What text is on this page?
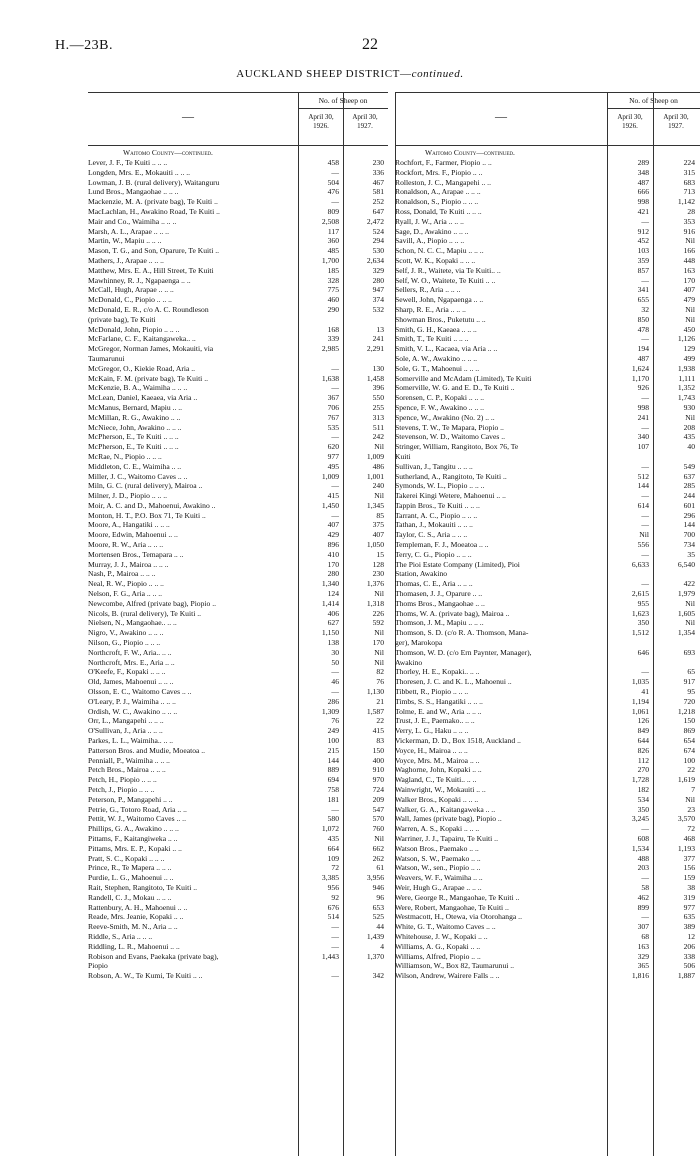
H.—23B.	22
AUCKLAND SHEEP DISTRICT—continued.
—
No. of Sheep on
April 30,
1926.
April 30,
1927.
Waitomo County—continued.
Lever, J. F., Te Kuiti .. .. ..	458	230
Longden, Mrs. E., Mokauiti .. .. ..	—	336
Lowman, J. B. (rural delivery), Waitanguru	504	467
Lund Bros., Mangaohae .. .. ..	476	581
Mackenzie, M. A. (private bag), Te Kuiti ..	—	252
MacLachlan, H., Awakino Road, Te Kuiti ..	809	647
Mair and Co., Waimiha .. .. ..	2,508	2,472
Marsh, A. L., Arapae .. .. ..	117	524
Martin, W., Mapiu .. .. ..	360	294
Mason, T. G., and Son, Oparure, Te Kuiti ..	485	530
Mathers, J., Arapae .. .. ..	1,700	2,634
Matthew, Mrs. E. A., Hill Street, Te Kuiti	185	329
Mawhinney, R. J., Ngapaenga .. ..	328	280
McCall, Hugh, Arapae .. .. ..	775	947
McDonald, C., Piopio .. .. ..	460	374
McDonald, E. R., c/o A. C. Roundleson	290	532
(private bag), Te Kuiti
McDonald, John, Piopio .. .. ..	168	13
McFarlane, C. F., Kaitangaweka.. ..	339	241
McGregor, Norman James, Mokauiti, via	2,985	2,291
Taumarunui
McGregor, O., Kiekie Road, Aria ..	—	130
McKain, F. M. (private bag), Te Kuiti ..	1,638	1,458
McKenzie, B. A., Waimiha .. .. ..	—	396
McLean, Daniel, Kaeaea, via Aria ..	367	550
McManus, Bernard, Mapiu .. ..	706	255
McMillan, R. G., Awakino .. ..	767	313
McNiece, John, Awakino .. .. ..	535	511
McPherson, E., Te Kuiti .. .. ..	—	242
McPherson, E., Te Kuiti .. .. ..	620	Nil
McRae, N., Piopio .. .. ..	977	1,009
Middleton, C. E., Waimiha .. ..	495	486
Miller, J. C., Waitomo Caves .. ..	1,009	1,001
Miln, G. C. (rural delivery), Mairoa ..	—	240
Milner, J. D., Piopio .. .. ..	415	Nil
Moir, A. C. and D., Mahoenui, Awakino ..	1,450	1,345
Monton, H. T., P.O. Box 71, Te Kuiti ..	—	85
Moore, A., Hangatiki .. .. ..	407	375
Moore, Edwin, Mahoenui .. ..	429	407
Moore, R. W., Aria .. .. ..	896	1,050
Mortensen Bros., Temapara .. ..	410	15
Murray, J. J., Mairoa .. .. ..	170	128
Nash, P., Mairoa .. .. ..	280	230
Neal, R. W., Piopio .. .. ..	1,340	1,376
Nelson, F. G., Aria .. .. ..	124	Nil
Newcombe, Alfred (private bag), Piopio ..	1,414	1,318
Nicols, B. (rural delivery), Te Kuiti ..	406	226
Nielsen, N., Mangaohae.. .. ..	627	592
Nigro, V., Awakino .. .. ..	1,150	Nil
Nilson, G., Piopio .. .. ..	138	170
Northcroft, F. W., Aria.. .. ..	30	Nil
Northcroft, Mrs. E., Aria .. ..	50	Nil
O'Keefe, F., Kopaki .. .. ..	—	82
Old, James, Mahoenui .. .. ..	46	76
Olsson, E. C., Waitomo Caves .. ..	—	1,130
O'Leary, P. J., Waimiha .. .. ..	286	21
Ordish, W. C., Awakino .. .. ..	1,309	1,587
Orr, L., Mangapehi .. .. ..	76	22
O'Sullivan, J., Aria .. .. ..	249	415
Parkes, L. L., Waimiha.. .. ..	100	83
Patterson Bros. and Mudie, Moeatoa ..	215	150
Penniall, P., Waimiha .. .. ..	144	400
Petch Bros., Mairoa .. .. ..	889	910
Petch, H., Piopio .. .. ..	694	970
Petch, J., Piopio .. .. ..	758	724
Peterson, P., Mangapehi .. ..	181	209
Petrie, G., Totoro Road, Aria .. ..	—	547
Pettit, W. J., Waitomo Caves .. ..	580	570
Phillips, G. A., Awakino .. .. ..	1,072	760
Pittams, F., Kaitangiweka .. ..	435	Nil
Pittams, Mrs. E. P., Kopaki .. ..	664	662
Pratt, S. C., Kopaki .. .. ..	109	262
Prince, R., Te Mapera .. .. ..	72	61
Purdie, L. G., Mahoenui .. ..	3,385	3,956
Rait, Stephen, Rangitoto, Te Kuiti ..	956	946
Randell, C. J., Mokau .. .. ..	92	96
Rattenbury, A. H., Mahoenui .. ..	676	653
Reade, Mrs. Jeanie, Kopaki .. ..	514	525
Reeve-Smith, M. N., Aria .. ..	—	44
Riddle, S., Aria .. .. ..	—	1,439
Riddling, L. R., Mahoenui .. ..	—	4
Robison and Evans, Paekaka (private bag),	1,443	1,370
Piopio
Robson, A. W., Te Kumi, Te Kuiti .. ..	—	342
—
No. of Sheep on
April 30,
1926.
April 30,
1927.
Waitomo County—continued.
Rochfort, F., Farmer, Piopio .. ..	289	224
Rockfort, Mrs. F., Piopio .. ..	348	315
Rolleston, J. C., Mangapehi .. ..	487	683
Ronaldson, A., Arapae .. .. ..	666	713
Ronaldson, S., Piopio .. .. ..	998	1,142
Ross, Donald, Te Kuiti .. .. ..	421	28
Ryall, J. W., Aria .. .. ..	—	353
Sage, D., Awakino .. .. ..	912	916
Savill, A., Piopio .. .. ..	452	Nil
Schon, N. C. C., Mapiu .. .. ..	103	166
Scott, W. K., Kopaki .. .. ..	359	448
Self, J. R., Waitete, via Te Kuiti.. ..	857	163
Self, W. O., Waitete, Te Kuiti .. ..	—	170
Sellers, R., Aria .. .. ..	341	407
Sewell, John, Ngapaenga .. ..	655	479
Sharp, R. E., Aria .. .. ..	32	Nil
Showman Bros., Puketutu .. ..	850	Nil
Smith, G. H., Kaeaea .. .. ..	478	450
Smith, T., Te Kuiti .. .. ..	—	1,126
Smith, V. L., Kacaea, via Aria .. ..	194	129
Sole, A. W., Awakino .. .. ..	487	499
Sole, G. T., Mahoenui .. .. ..	1,624	1,938
Somerville and McAdam (Limited), Te Kuiti	1,170	1,111
Somerville, W. G. and E. D., Te Kuiti ..	926	1,352
Sorensen, C. P., Kopaki .. .. ..	—	1,743
Spence, F. W., Awakino .. .. ..	998	930
Spence, W., Awakino (No. 2) .. ..	241	Nil
Stevens, T. W., Te Mapara, Piopio ..	—	208
Stevenson, W. D., Waitomo Caves ..	340	435
Stringer, William, Rangitoto, Box 76, Te	107	40
Kuiti
Sullivan, J., Tangitu .. .. ..	—	549
Sutherland, A., Rangitoto, Te Kuiti ..	512	637
Symonds, W. L., Piopio .. .. ..	144	285
Takerei Kingi Wetere, Mahoenui .. ..	—	244
Tappin Bros., Te Kuiti .. .. ..	614	601
Tarrant, A. C., Piopio .. .. ..	—	296
Tathan, J., Mokauiti .. .. ..	—	144
Taylor, C. S., Aria .. .. ..	Nil	700
Templeman, F. J., Moeatoa .. ..	556	734
Terry, C. G., Piopio .. .. ..	—	35
The Pioi Estate Company (Limited), Pioi	6,633	6,540
Station, Awakino
Thomas, C. E., Aria .. .. ..	—	422
Thomasen, J. J., Oparure .. ..	2,615	1,979
Thoms Bros., Mangaohae .. ..	955	Nil
Thoms, W. A. (private bag), Mairoa ..	1,623	1,605
Thomson, J. M., Mapiu .. .. ..	350	Nil
Thomson, S. D. (c/o R. A. Thomson, Mana-	1,512	1,354
ger), Marokopa
Thomson, W. D. (c/o Ern Paynter, Manager),	646	693
Awakino
Thorley, H. E., Kopaki.. .. ..	—	65
Thoresen, J. C. and K. L., Mahoenui ..	1,035	917
Tibbett, R., Piopio .. .. ..	41	95
Timbs, S. S., Hangatiki .. .. ..	1,194	720
Tolme, E. and W., Aria .. .. ..	1,061	1,218
Trust, J. E., Paemako.. .. ..	126	150
Verry, L. G., Haku .. .. ..	849	869
Vickerman, D. D., Box 1518, Auckland ..	644	654
Voyce, H., Mairoa .. .. ..	826	674
Voyce, Mrs. M., Mairoa .. ..	112	100
Waghorne, John, Kopaki .. ..	270	22
Wagland, C., Te Kuiti.. .. ..	1,728	1,619
Wainwright, W., Mokauiti .. ..	182	7
Walker Bros., Kopaki .. .. ..	534	Nil
Walker, G. A., Kaitangaweka .. ..	350	23
Wall, James (private bag), Piopio ..	3,245	3,570
Warren, A. S., Kopaki .. .. ..	—	72
Warriner, J. J., Tapairu, Te Kuiti ..	608	468
Watson Bros., Paemako .. ..	1,534	1,193
Watson, S. W., Paemako .. ..	488	377
Watson, W., sen., Piopio .. ..	203	156
Weavers, W. F., Waimiha .. ..	—	159
Weir, Hugh G., Arapae .. .. ..	58	38
Were, George R., Mangaohae, Te Kuiti ..	462	319
Were, Robert, Mangaohae, Te Kuiti ..	899	977
Westmacott, H., Otewa, via Otorohanga ..	—	635
White, G. T., Waitomo Caves .. ..	307	389
Whitehouse, J. W., Kopaki .. ..	68	12
Williams, A. G., Kopaki .. ..	163	206
Williams, Alfred, Piopio .. ..	329	338
Williamson, W., Box 82, Taumarunui ..	365	506
Wilson, Andrew, Wairere Falls .. ..	1,816	1,887
